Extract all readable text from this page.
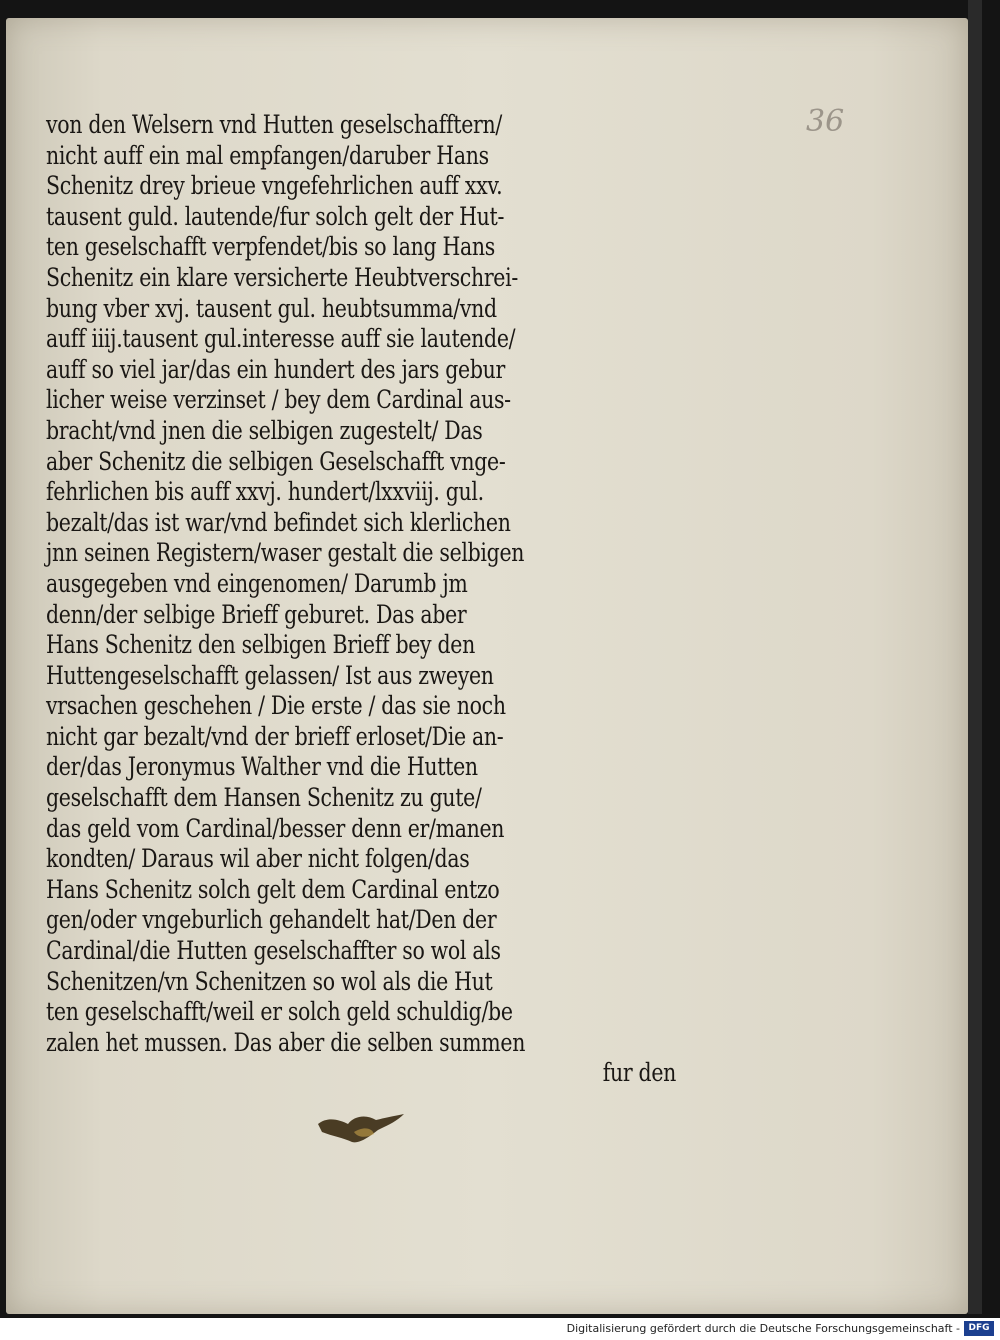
36
von den Welsern vnd Hutten geselschafftern/
nicht auff ein mal empfangen/daruber Hans
Schenitz drey brieue vngefehrlichen auff xxv.
tausent guld. lautende/fur solch gelt der Hut-
ten geselschafft verpfendet/bis so lang Hans
Schenitz ein klare versicherte Heubtverschrei-
bung vber xvj. tausent gul. heubtsumma/vnd
auff iiij.tausent gul.interesse auff sie lautende/
auff so viel jar/das ein hundert des jars gebur
licher weise verzinset / bey dem Cardinal aus-
bracht/vnd jnen die selbigen zugestelt/ Das
aber Schenitz die selbigen Geselschafft vnge-
fehrlichen bis auff xxvj. hundert/lxxviij. gul.
bezalt/das ist war/vnd befindet sich klerlichen
jnn seinen Registern/waser gestalt die selbigen
ausgegeben vnd eingenomen/ Darumb jm
denn/der selbige Brieff geburet. Das aber
Hans Schenitz den selbigen Brieff bey den
Huttengeselschafft gelassen/ Ist aus zweyen
vrsachen geschehen / Die erste / das sie noch
nicht gar bezalt/vnd der brieff erloset/Die an-
der/das Jeronymus Walther vnd die Hutten
geselschafft dem Hansen Schenitz zu gute/
das geld vom Cardinal/besser denn er/manen
kondten/ Daraus wil aber nicht folgen/das
Hans Schenitz solch gelt dem Cardinal entzo
gen/oder vngeburlich gehandelt hat/Den der
Cardinal/die Hutten geselschaffter so wol als
Schenitzen/vn Schenitzen so wol als die Hut
ten geselschafft/weil er solch geld schuldig/be
zalen het mussen. Das aber die selben summen
fur den
Digitalisierung gefördert durch die Deutsche Forschungsgemeinschaft - DFG
